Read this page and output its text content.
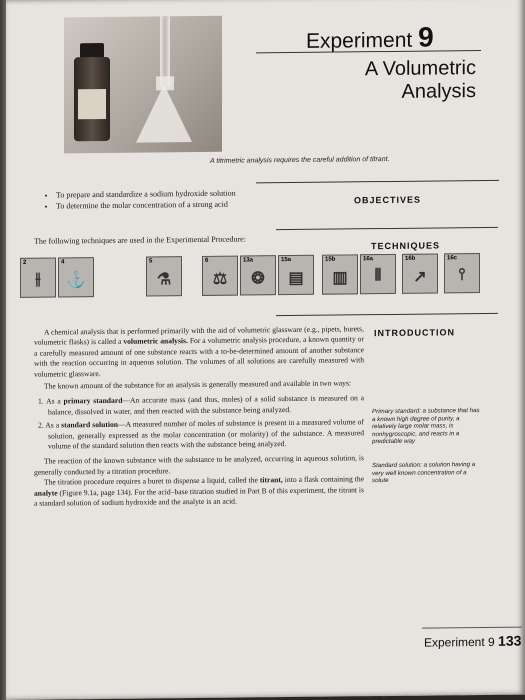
Experiment 9
A Volumetric
Analysis
A titrimetric analysis requires the careful addition of titrant.
• To prepare and standardize a sodium hydroxide solution
• To determine the molar concentration of a strong acid	OBJECTIVES
The following techniques are used in the Experimental Procedure:
TECHNIQUES
2
⫲
4
⚓
5
⚗
6
⚖
13a
❂
15a
▤
15b
▥
16a
⫴
16b
↗
16c
⫯
INTRODUCTION

A chemical analysis that is performed primarily with the aid of volumetric glassware (e.g., pipets, burets, volumetric flasks) is called a volumetric analysis. For a volumetric analysis procedure, a known quantity or a carefully measured amount of one substance reacts with a to-be-determined amount of another substance with the reaction occurring in aqueous solution. The volumes of all solutions are carefully measured with volumetric glassware.

The known amount of the substance for an analysis is generally measured and available in two ways:

1. As a primary standard—An accurate mass (and thus, moles) of a solid substance is measured on a balance, dissolved in water, and then reacted with the substance being analyzed.

2. As a standard solution—A measured number of moles of substance is present in a measured volume of solution, generally expressed as the molar concentration (or molarity) of the substance. A measured volume of the standard solution then reacts with the substance being analyzed.

The reaction of the known substance with the substance to be analyzed, occurring in aqueous solution, is generally conducted by a titration procedure.

The titration procedure requires a buret to dispense a liquid, called the titrant, into a flask containing the analyte (Figure 9.1a, page 134). For the acid–base titration studied in Part B of this experiment, the titrant is a standard solution of sodium hydroxide and the analyte is an acid.

Primary standard: a substance that has a known high degree of purity, a relatively large molar mass, is nonhygroscopic, and reacts in a predictable way
Standard solution: a solution having a very well known concentration of a solute
Experiment 9 133
